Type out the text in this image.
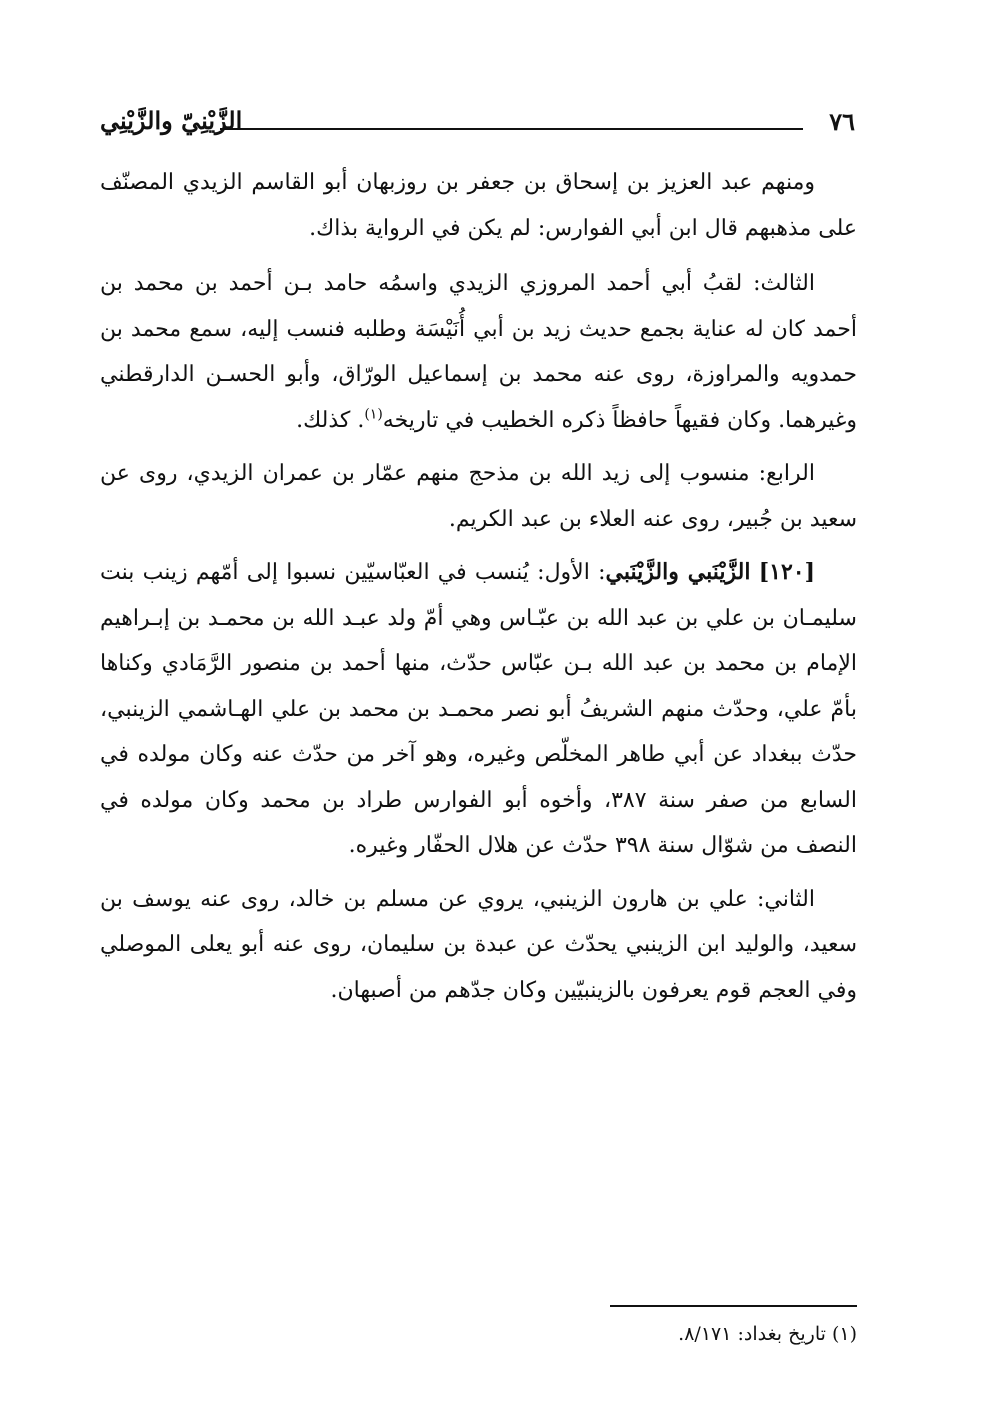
٧٦
الزَّيْنِيّ والزَّيْنِي

ومنهم عبد العزيز بن إسحاق بن جعفر بن روزبهان أبو القاسم الزيدي المصنّف على مذهبهم قال ابن أبي الفوارس: لم يكن في الرواية بذاك.

الثالث: لقبُ أبي أحمد المروزي الزيدي واسمُه حامد بـن أحمد بن محمد بن أحمد كان له عناية بجمع حديث زيد بن أبي أُنَيْسَة وطلبه فنسب إليه، سمع محمد بن حمدويه والمراوزة، روى عنه محمد بن إسماعيل الورّاق، وأبو الحسـن الدارقطني وغيرهما. وكان فقيهاً حافظاً ذكره الخطيب في تاريخه$^{(١)}$. كذلك.

الرابع: منسوب إلى زيد الله بن مذحج منهم عمّار بن عمران الزيدي، روى عن سعيد بن جُبير، روى عنه العلاء بن عبد الكريم.

[١٢٠] الزَّيْنَبي والزَّيْنَبي: الأول: يُنسب في العبّاسيّين نسبوا إلى أمّهم زينب بنت سليمـان بن علي بن عبد الله بن عبّـاس وهي أمّ ولد عبـد الله بن محمـد بن إبـراهيم الإمام بن محمد بن عبد الله بـن عبّاس حدّث، منها أحمد بن منصور الرَّمَادي وكناها بأمّ علي، وحدّث منهم الشريفُ أبو نصر محمـد بن محمد بن علي الهـاشمي الزينبي، حدّث ببغداد عن أبي طاهر المخلّص وغيره، وهو آخر من حدّث عنه وكان مولده في السابع من صفر سنة ٣٨٧، وأخوه أبو الفوارس طراد بن محمد وكان مولده في النصف من شوّال سنة ٣٩٨ حدّث عن هلال الحفّار وغيره.

الثاني: علي بن هارون الزينبي، يروي عن مسلم بن خالد، روى عنه يوسف بن سعيد، والوليد ابن الزينبي يحدّث عن عبدة بن سليمان، روى عنه أبو يعلى الموصلي وفي العجم قوم يعرفون بالزينبيّين وكان جدّهم من أصبهان.

(١) تاريخ بغداد: ٨/١٧١.
